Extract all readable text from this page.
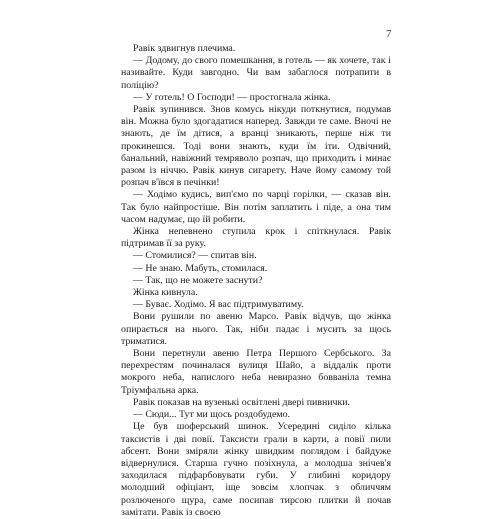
7

Равік здвигнув плечима.

— Додому, до свого помешкання, в готель — як хочете, так і називайте. Куди завгодно. Чи вам забаглося потрапити в поліцію?

— У готель! О Господи! — простогнала жінка.

Равік зупинився. Знов комусь нікуди поткнутися, подумав він. Можна було здогадатися наперед. Завжди те саме. Вночі не знають, де їм дітися, а вранці зникають, перше ніж ти прокинешся. Тоді вони знають, куди їм іти. Одвічний, банальний, навіжний темряволо розпач, що приходить і минає разом із ніччю. Равік кинув сигарету. Наче йому самому той розпач в'ївся в печінки!

— Ходімо кудись, вип'ємо по чарці горілки, — сказав він. Так було найпростіше. Він потім заплатить і піде, а она тим часом надумає, що їй робити.

Жінка непевнено ступила крок і спіткнулася. Равік підтримав її за руку.

— Стомилися? — спитав він.

— Не знаю. Мабуть, стомилася.

— Так, що не можете заснути?

Жінка кивнула.

— Буває. Ходімо. Я вас підтримуватиму.

Вони рушили по авеню Марсо. Равік відчув, що жінка опирається на нього. Так, ніби падає і мусить за щось триматися.

Вони перетнули авеню Петра Першого Сербського. За перехрестям починалася вулиця Шайо, а віддалік проти мокрого неба, напислого неба невиразно бовваніла темна Тріумфальна арка.

Равік показав на вузенькі освітлені двері пивнички.

— Сюди... Тут ми щось роздобудемо.

Це був шоферський шинок. Усередині сиділо кілька таксистів і двi повії. Таксисти грали в карти, а повії пили абсент. Вони зміряли жінку швидким поглядом і байдуже відвернулися. Старша гучно позіхнула, а молодша знічев'я заходилася підфарбовувати губи. У глибині коридору молодший офіціант, іще зовсім хлопчак з обличчям розлюченого щура, саме посипав тирсою плитки й почав замітати. Равік із своєю
